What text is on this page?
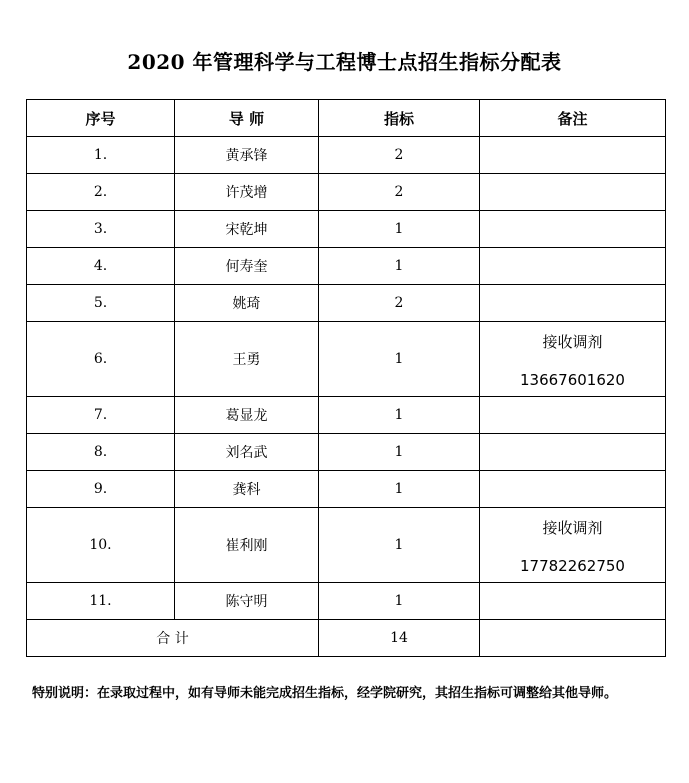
2020 年管理科学与工程博士点招生指标分配表
序号	导 师	指标	备注
1.	黄承锋	2	
2.	许茂增	2	
3.	宋乾坤	1	
4.	何寿奎	1	
5.	姚琦	2	
6.	王勇	1	接收调剂
13667601620

7.	葛显龙	1	
8.	刘名武	1	
9.	龚科	1	
10.	崔利刚	1	接收调剂
17782262750

11.	陈守明	1	
合 计		14	
特别说明：在录取过程中，如有导师未能完成招生指标，经学院研究，其招生指标可调整给其他导师。
